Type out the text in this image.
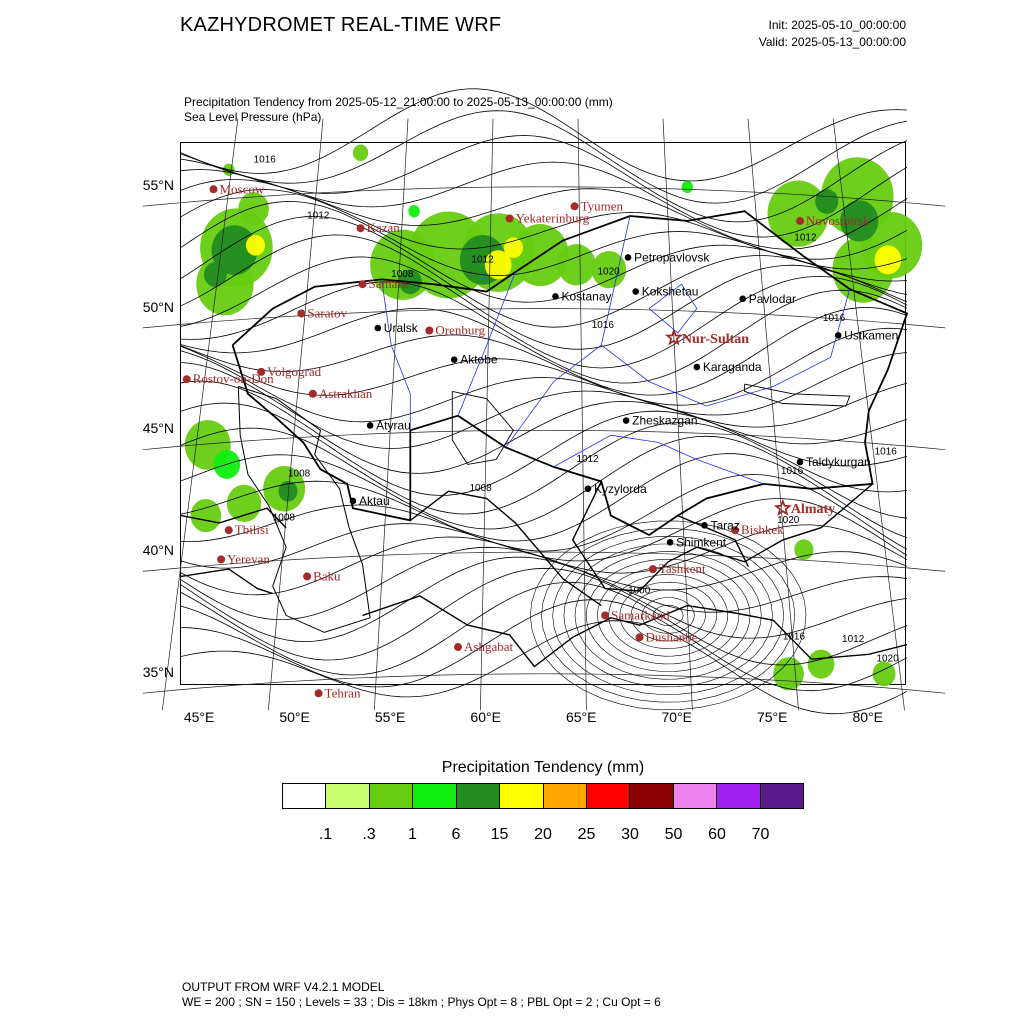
KAZHYDROMET REAL-TIME WRF	Init: 2025-05-10_00:00:00
Valid: 2025-05-13_00:00:00
Precipitation Tendency from 2025-05-12_21:00:00 to 2025-05-13_00:00:00 (mm)
Sea Level Pressure (hPa)
1016
1012
1008
1012
1020
1016
1012
1016
1016
1016
1012
1008
1008
1008	1020
1016	1012
1020
1000
Moscow
Kazan
Tyumen
Yekaterinburg	Novosibirsk
Samara
Saratov
Orenburg
Volgograd
Rostov-on-Don
Astrakhan
Tbilisi
Yerevan
Baku
Tehran
Ashgabat
Samarkand
Dushanbe
Tashkent
Bishkek
Petropavlovsk
Kostanay	Kokshetau
Pavlodar
Uralsk
Aktobe
Ustkamen
Karaganda
Atyrau	Zheskazgan
Taldykurgan
Kyzylorda
Aktau
Taraz
Shimkent
Nur-Sultan
Almaty
55°N
50°N
45°N
40°N
35°N
45°E	50°E	55°E	60°E	65°E	70°E	75°E	80°E
Precipitation Tendency (mm)
.1	.3	1	6	15	20	25	30	50	60	70
OUTPUT FROM WRF V4.2.1 MODEL
WE = 200 ; SN = 150 ; Levels = 33 ; Dis = 18km ; Phys Opt = 8 ; PBL Opt = 2 ; Cu Opt = 6
